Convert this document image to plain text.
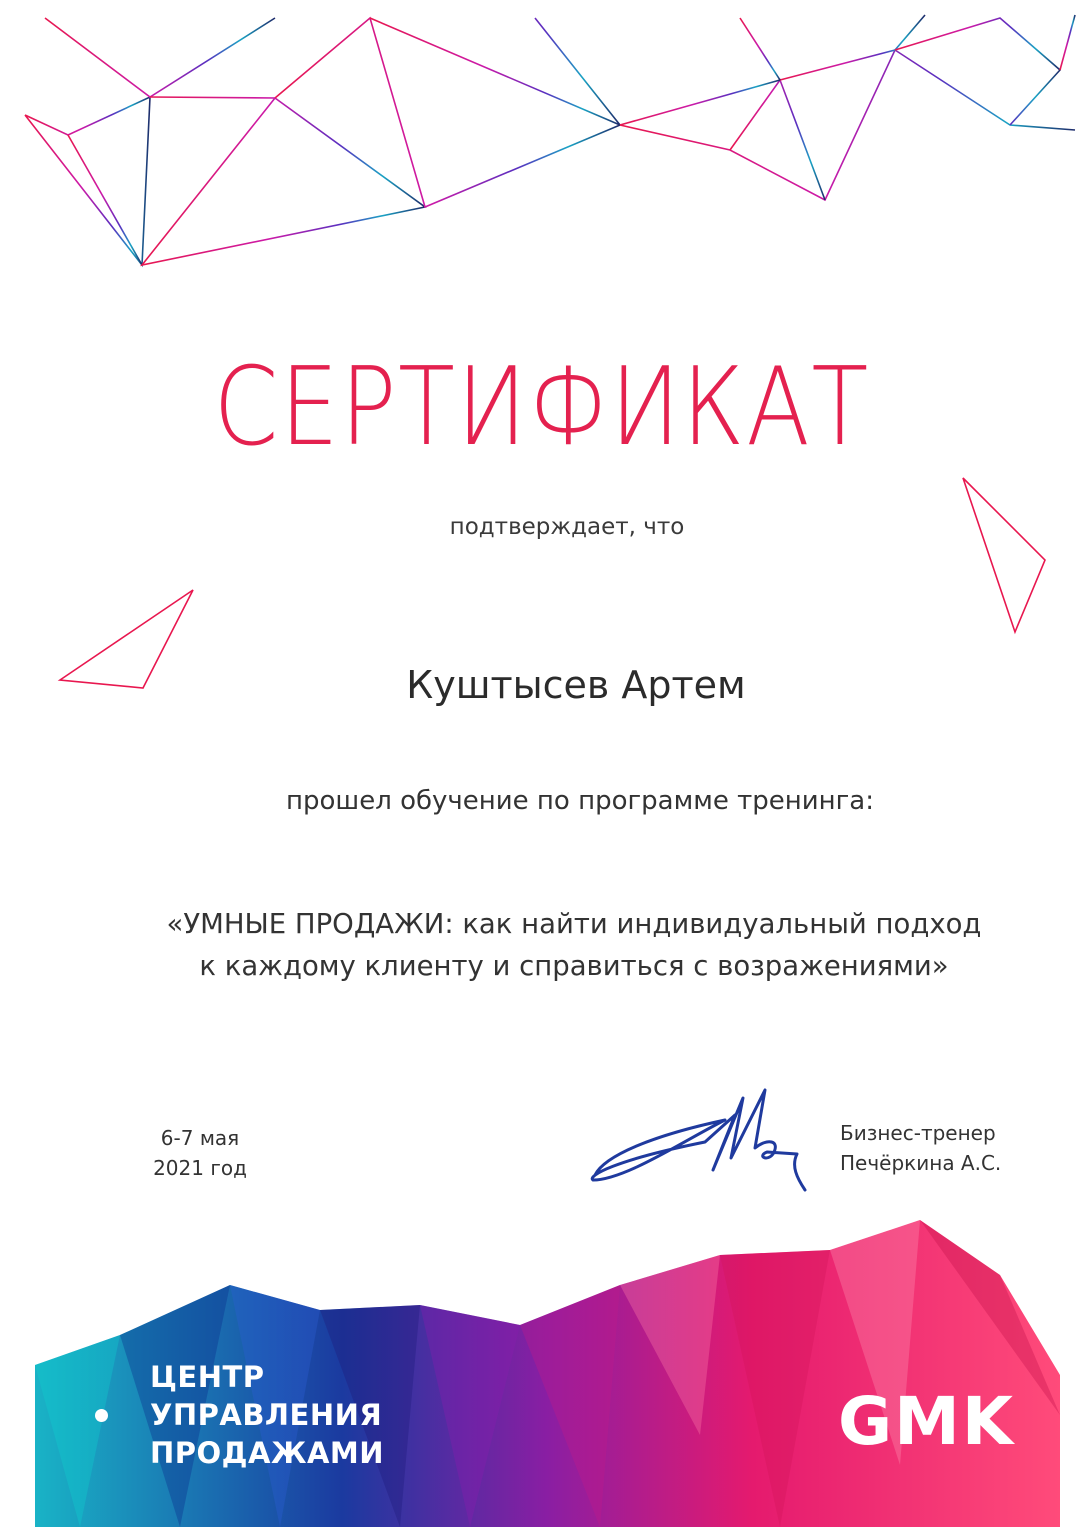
СЕРТИФИКАТ
подтверждает, что
Куштысев Артем
прошел обучение по программе тренинга:
«УМНЫЕ ПРОДАЖИ: как найти индивидуальный подход
к каждому клиенту и справиться с возражениями»
6-7 мая
2021 год
Бизнес-тренер
Печёркина А.С.
ЦЕНТР
УПРАВЛЕНИЯ
ПРОДАЖАМИ	GMK
